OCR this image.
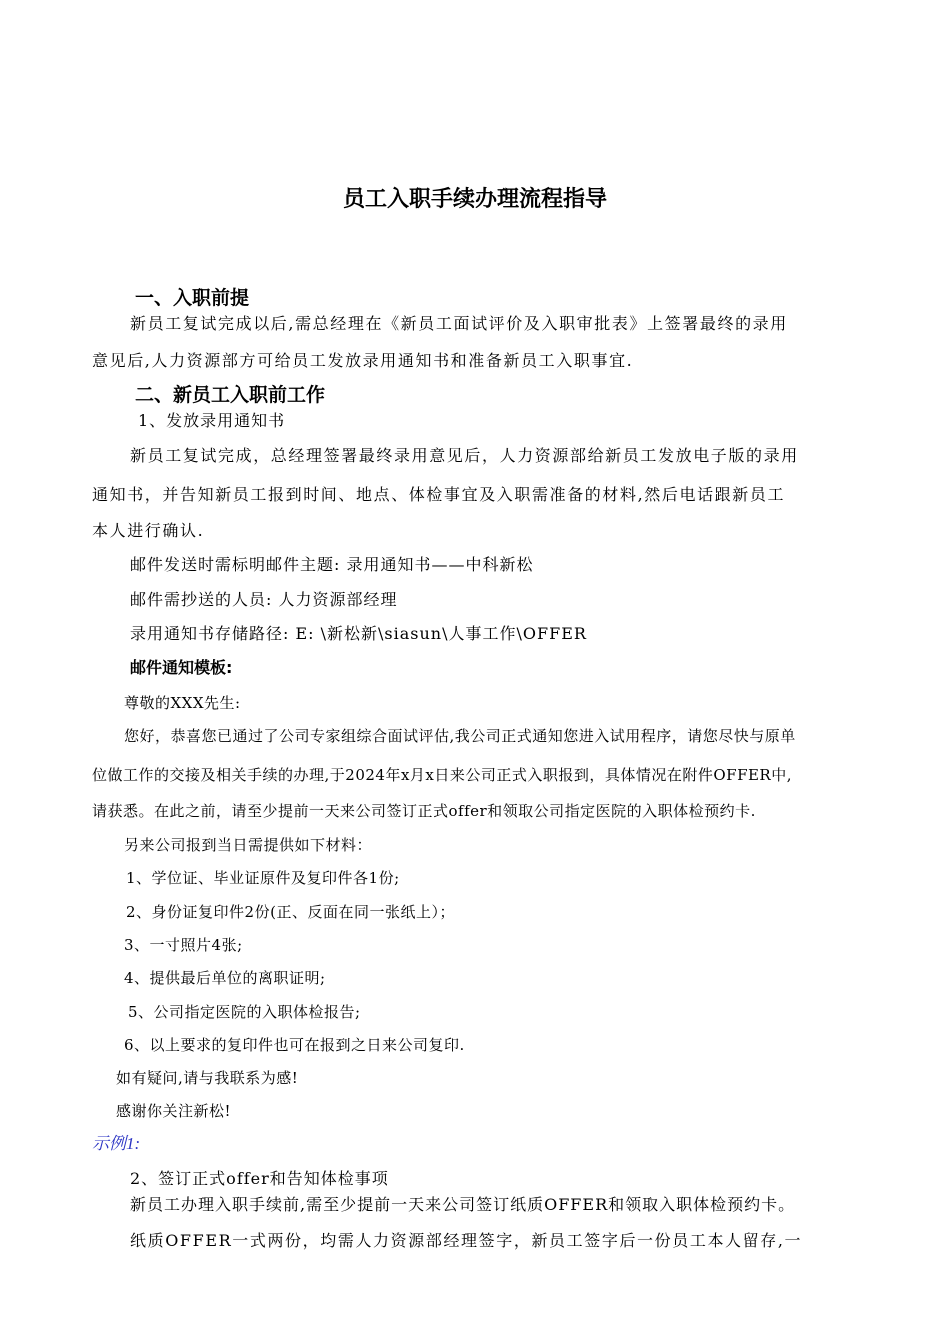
员工入职手续办理流程指导
一、入职前提
新员工复试完成以后,需总经理在《新员工面试评价及入职审批表》上签署最终的录用
意见后,人力资源部方可给员工发放录用通知书和准备新员工入职事宜.
二、新员工入职前工作
1、发放录用通知书
新员工复试完成，总经理签署最终录用意见后，人力资源部给新员工发放电子版的录用
通知书，并告知新员工报到时间、地点、体检事宜及入职需准备的材料,然后电话跟新员工
本人进行确认.
邮件发送时需标明邮件主题: 录用通知书——中科新松
邮件需抄送的人员: 人力资源部经理
录用通知书存储路径: E: \新松新\siasun\人事工作\OFFER
邮件通知模板:
尊敬的XXX先生:
您好，恭喜您已通过了公司专家组综合面试评估,我公司正式通知您进入试用程序，请您尽快与原单
位做工作的交接及相关手续的办理,于2024年x月x日来公司正式入职报到，具体情况在附件OFFER中,
请获悉。在此之前，请至少提前一天来公司签订正式offer和领取公司指定医院的入职体检预约卡.
另来公司报到当日需提供如下材料：
1、学位证、毕业证原件及复印件各1份;
2、身份证复印件2份(正、反面在同一张纸上）；
3、一寸照片4张;
4、提供最后单位的离职证明;
5、公司指定医院的入职体检报告;
6、以上要求的复印件也可在报到之日来公司复印.
如有疑问,请与我联系为感!
感谢你关注新松!
示例1:
2、签订正式offer和告知体检事项
新员工办理入职手续前,需至少提前一天来公司签订纸质OFFER和领取入职体检预约卡。
纸质OFFER一式两份，均需人力资源部经理签字，新员工签字后一份员工本人留存,一
